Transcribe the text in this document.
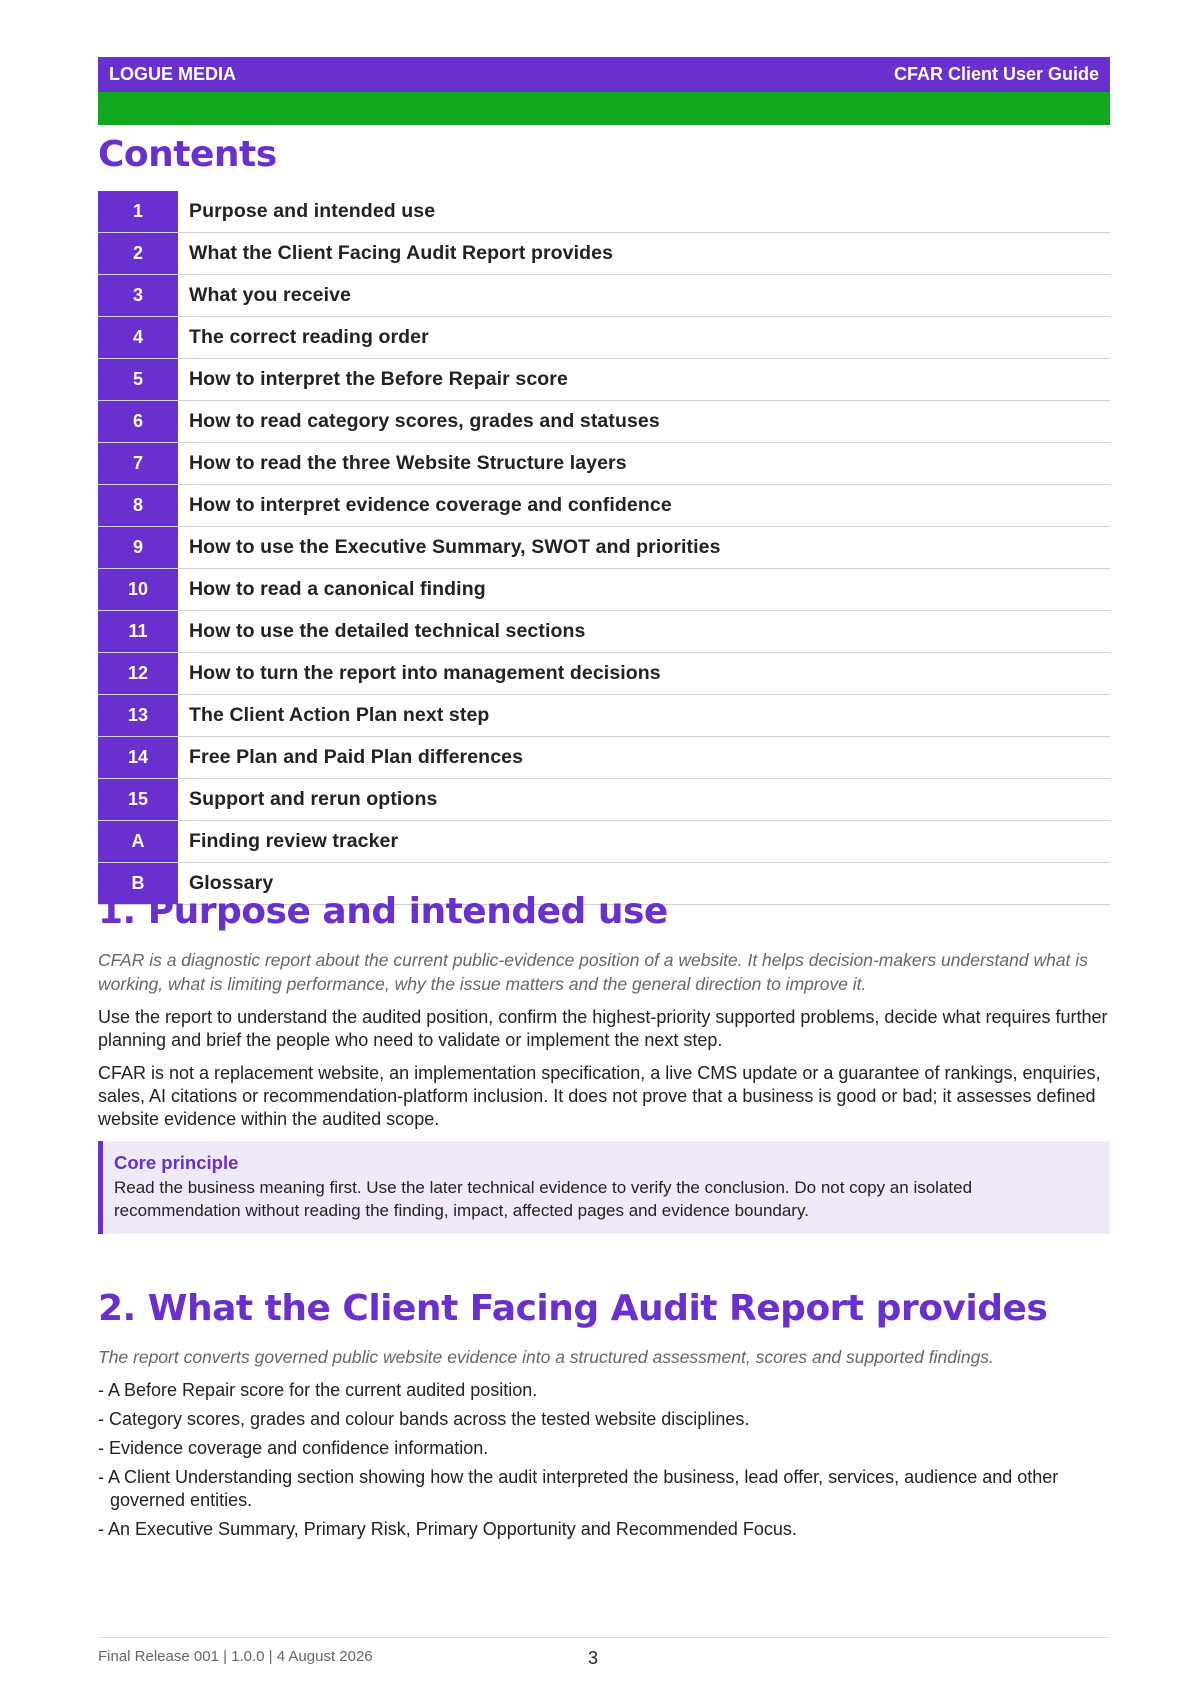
LOGUE MEDIA	CFAR Client User Guide
Contents
1	Purpose and intended use
2	What the Client Facing Audit Report provides
3	What you receive
4	The correct reading order
5	How to interpret the Before Repair score
6	How to read category scores, grades and statuses
7	How to read the three Website Structure layers
8	How to interpret evidence coverage and confidence
9	How to use the Executive Summary, SWOT and priorities
10	How to read a canonical finding
11	How to use the detailed technical sections
12	How to turn the report into management decisions
13	The Client Action Plan next step
14	Free Plan and Paid Plan differences
15	Support and rerun options
A	Finding review tracker
B	Glossary
1. Purpose and intended use

CFAR is a diagnostic report about the current public-evidence position of a website. It helps decision-makers understand what is working, what is limiting performance, why the issue matters and the general direction to improve it.

Use the report to understand the audited position, confirm the highest-priority supported problems, decide what requires further planning and brief the people who need to validate or implement the next step.

CFAR is not a replacement website, an implementation specification, a live CMS update or a guarantee of rankings, enquiries, sales, AI citations or recommendation-platform inclusion. It does not prove that a business is good or bad; it assesses defined website evidence within the audited scope.

Core principle
Read the business meaning first. Use the later technical evidence to verify the conclusion. Do not copy an isolated recommendation without reading the finding, impact, affected pages and evidence boundary.
2. What the Client Facing Audit Report provides

The report converts governed public website evidence into a structured assessment, scores and supported findings.

- A Before Repair score for the current audited position.
- Category scores, grades and colour bands across the tested website disciplines.
- Evidence coverage and confidence information.
- A Client Understanding section showing how the audit interpreted the business, lead offer, services, audience and other governed entities.
- An Executive Summary, Primary Risk, Primary Opportunity and Recommended Focus.
Final Release 001 | 1.0.0 | 4 August 2026	3
